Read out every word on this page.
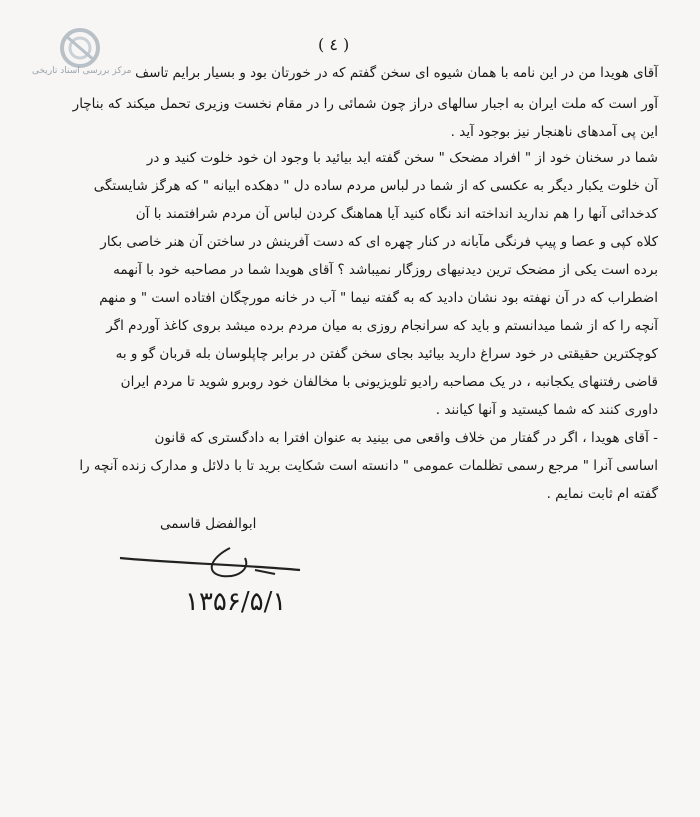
مرکز بررسی اسناد تاریخی
( ٤ )
آقای هویدا من در این نامه با همان شیوه ای سخن گفتم که در خورتان بود و بسیار برایم تاسف
آور است که ملت ایران به اجبار سالهای دراز چون شمائی را در مقام نخست وزیری تحمل میکند که بناچار
این پی آمدهای ناهنجار نیز بوجود آید .
شما در سخنان خود از " افراد مضحک " سخن گفته اید بیائید با وجود ان خود خلوت کنید و در
آن خلوت یکبار دیگر به عکسی که از شما در لباس مردم ساده دل " دهکده ابیانه " که هرگز شایستگی
کدخدائی آنها را هم ندارید انداخته اند نگاه کنید آیا هماهنگ کردن لباس آن مردم شرافتمند با آن
کلاه کپی و عصا و پیپ فرنگی مآبانه در کنار چهره ای که دست آفرینش در ساختن آن هنر خاصی بکار
برده است یکی از مضحک ترین دیدنیهای روزگار نمیباشد ؟ آقای هویدا شما در مصاحبه خود با آنهمه
اضطراب که در آن نهفته بود نشان دادید که به گفته نیما " آب در خانه مورچگان افتاده است " و منهم
آنچه را که از شما میدانستم و باید که سرانجام روزی به میان مردم برده میشد بروی کاغذ آوردم اگر
کوچکترین حقیقتی در خود سراغ دارید بیائید بجای سخن گفتن در برابر چاپلوسان بله قربان گو و به
قاضی رفتنهای یکجانبه ، در یک مصاحبه رادیو تلویزیونی با مخالفان خود روبرو شوید تا مردم ایران
داوری کنند که شما کیستید و آنها کیانند .
- آقای هویدا ، اگر در گفتار من خلاف واقعی می بینید به عنوان افترا به دادگستری که قانون
اساسی آنرا " مرجع رسمی تظلمات عمومی " دانسته است شکایت برید تا با دلائل و مدارک زنده آنچه را
گفته ام ثابت نمایم .
ابوالفضل قاسمی
۱۳۵۶/۵/۱
